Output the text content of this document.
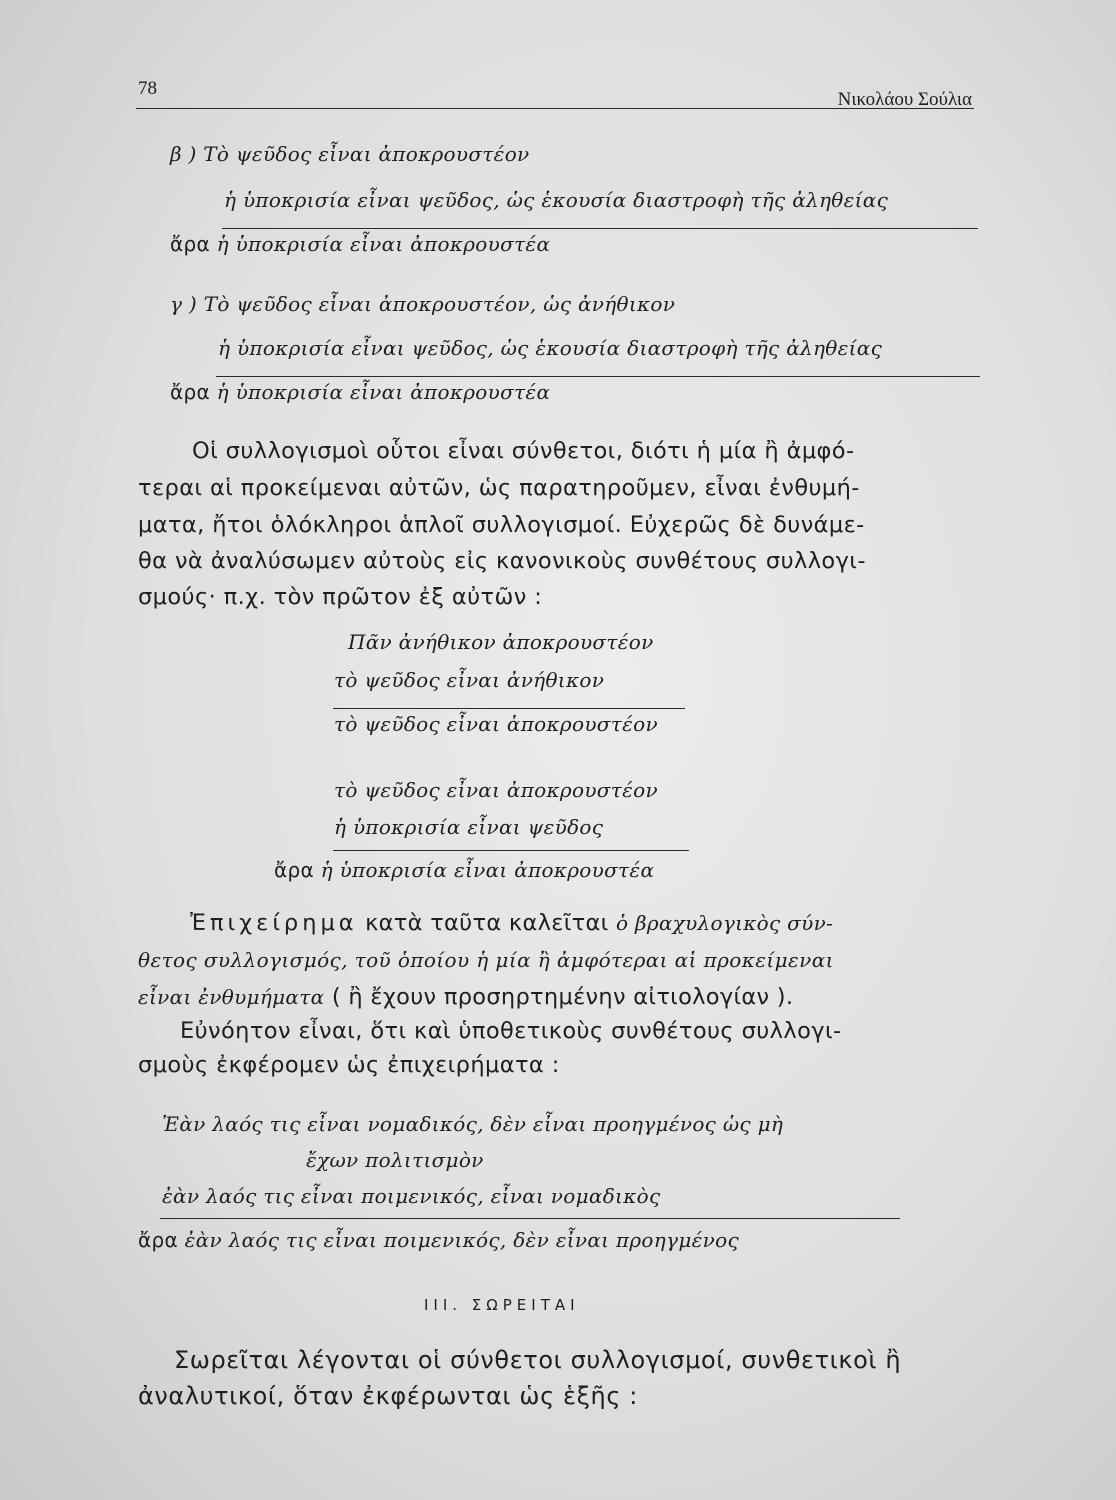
78
Νικολάου Σούλια
β ) Τὸ ψεῦδος εἶναι ἀποκρουστέον
ἡ ὑποκρισία εἶναι ψεῦδος, ὡς ἑκουσία διαστροφὴ τῆς ἀληθείας
ἄρα ἡ ὑποκρισία εἶναι ἀποκρουστέα
γ ) Τὸ ψεῦδος εἶναι ἀποκρουστέον, ὡς ἀνήθικον
ἡ ὑποκρισία εἶναι ψεῦδος, ὡς ἑκουσία διαστροφὴ τῆς ἀληθείας
ἄρα ἡ ὑποκρισία εἶναι ἀποκρουστέα
Οἱ συλλογισμοὶ οὗτοι εἶναι σύνθετοι, διότι ἡ μία ἢ ἀμφό-
τεραι αἱ προκείμεναι αὐτῶν, ὡς παρατηροῦμεν, εἶναι ἐνθυμή-
ματα, ἤτοι ὁλόκληροι ἁπλοῖ συλλογισμοί. Εὐχερῶς δὲ δυνάμε-
θα νὰ ἀναλύσωμεν αὐτοὺς εἰς κανονικοὺς συνθέτους συλλογι-
σμούς· π.χ. τὸν πρῶτον ἐξ αὐτῶν :
Πᾶν ἀνήθικον ἀποκρουστέον
τὸ ψεῦδος εἶναι ἀνήθικον
τὸ ψεῦδος εἶναι ἀποκρουστέον
τὸ ψεῦδος εἶναι ἀποκρουστέον
ἡ ὑποκρισία εἶναι ψεῦδος
ἄρα ἡ ὑποκρισία εἶναι ἀποκρουστέα
Ἐπιχείρημα κατὰ ταῦτα καλεῖται ὁ βραχυλογικὸς σύν-
θετος συλλογισμός, τοῦ ὁποίου ἡ μία ἢ ἀμφότεραι αἱ προκείμεναι
εἶναι ἐνθυμήματα ( ἢ ἔχουν προσηρτημένην αἰτιολογίαν ).
Εὐνόητον εἶναι, ὅτι καὶ ὑποθετικοὺς συνθέτους συλλογι-
σμοὺς ἐκφέρομεν ὡς ἐπιχειρήματα :
Ἐὰν λαός τις εἶναι νομαδικός, δὲν εἶναι προηγμένος ὡς μὴ
ἔχων πολιτισμὸν
ἐὰν λαός τις εἶναι ποιμενικός, εἶναι νομαδικὸς
ἄρα ἐὰν λαός τις εἶναι ποιμενικός, δὲν εἶναι προηγμένος
III. ΣΩΡΕΙΤΑΙ
Σωρεῖται λέγονται οἱ σύνθετοι συλλογισμοί, συνθετικοὶ ἢ
ἀναλυτικοί, ὅταν ἐκφέρωνται ὡς ἑξῆς :
